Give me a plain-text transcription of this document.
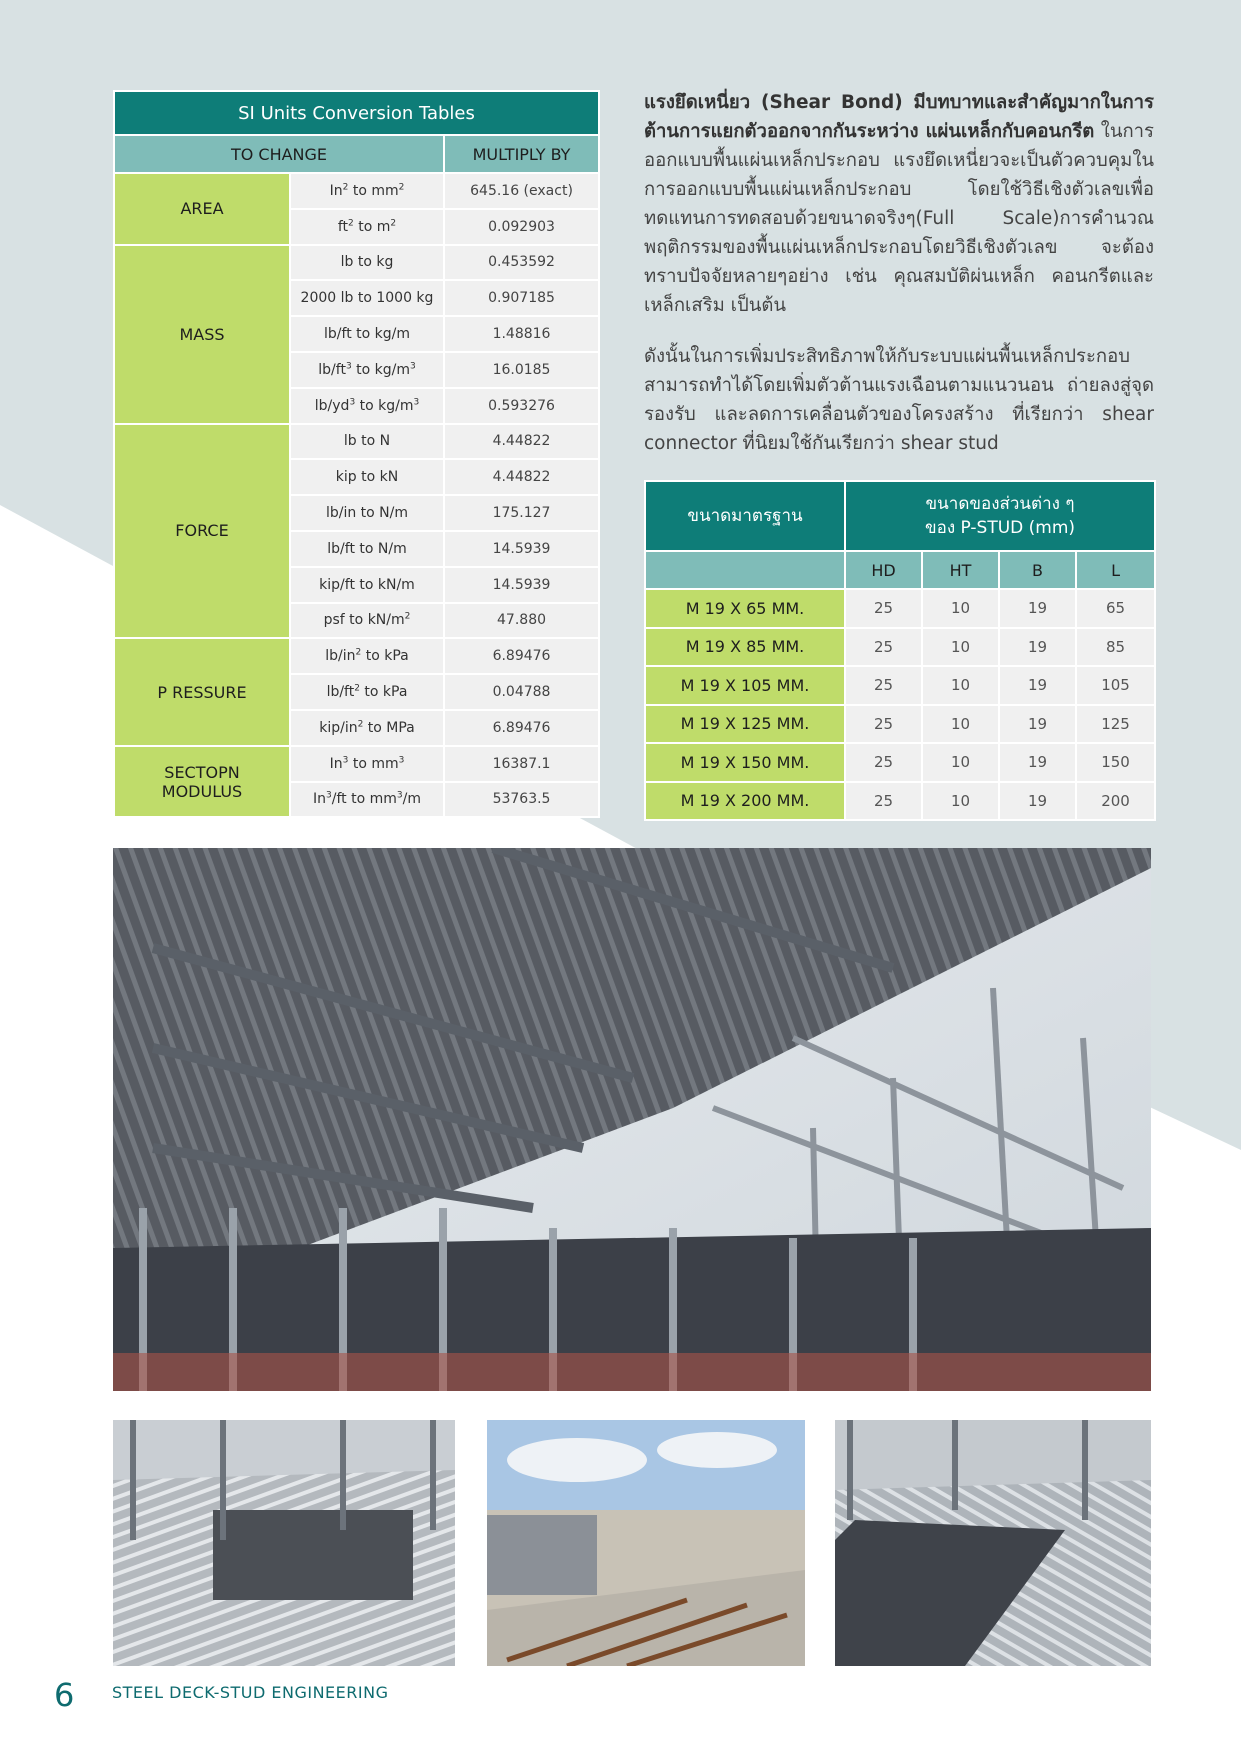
SI Units Conversion Tables		
TO CHANGE		MULTIPLY BY
AREA	In$^2$ to $mm^2$	645.16 (exact)
	$ft^2$ to $m^2$	0.092903
MASS	lb to kg	0.453592
	2000 lb to 1000 kg	0.907185
	lb/ft to kg/m	1.48816
	$lb/ft^3$ to $kg/m^3$	16.0185
	$lb/yd^3$ to $kg/m^3$	0.593276
FORCE	lb to N	4.44822
	kip to kN	4.44822
	lb/in to N/m	175.127
	lb/ft to N/m	14.5939
	kip/ft to kN/m	14.5939
	psf to $kN/m^2$	47.880
P RESSURE	$lb/in^2$ to kPa	6.89476
	$lb/ft^2$ to kPa	0.04788
	kip/$in^2$ to MPa	6.89476
SECTOPN
MODULUS	In$^3$ to $mm^3$	16387.1
	In$^3$/ft to $mm^3/m$	53763.5

แรงยึดเหนี่ยว (Shear Bond) มีบทบาทและสำคัญมากในการต้านการแยกตัวออกจากกันระหว่าง แผ่นเหล็กกับคอนกรีต ในการออกแบบพื้นแผ่นเหล็กประกอบ แรงยึดเหนี่ยวจะเป็นตัวควบคุมในการออกแบบพื้นแผ่นเหล็กประกอบ โดยใช้วิธีเชิงตัวเลขเพื่อทดแทนการทดสอบด้วยขนาดจริงๆ(Full Scale)การคำนวณพฤติกรรมของพื้นแผ่นเหล็กประกอบโดยวิธีเชิงตัวเลข จะต้องทราบปัจจัยหลายๆอย่าง เช่น คุณสมบัติผ่นเหล็ก คอนกรีตและเหล็กเสริม เป็นต้น

ดังนั้นในการเพิ่มประสิทธิภาพให้กับระบบแผ่นพื้นเหล็กประกอบสามารถทำได้โดยเพิ่มตัวต้านแรงเฉือนตามแนวนอน ถ่ายลงสู่จุดรองรับ และลดการเคลื่อนตัวของโครงสร้าง ที่เรียกว่า shear connector ที่นิยมใช้กันเรียกว่า shear stud

ขนาดมาตรฐาน	ขนาดของส่วนต่าง ๆ
ของ P-STUD (mm)			
	HD	HT	B	L
M 19 X 65 MM.	25	10	19	65
M 19 X 85 MM.	25	10	19	85
M 19 X 105 MM.	25	10	19	105
M 19 X 125 MM.	25	10	19	125
M 19 X 150 MM.	25	10	19	150
M 19 X 200 MM.	25	10	19	200
6 STEEL DECK-STUD ENGINEERING
